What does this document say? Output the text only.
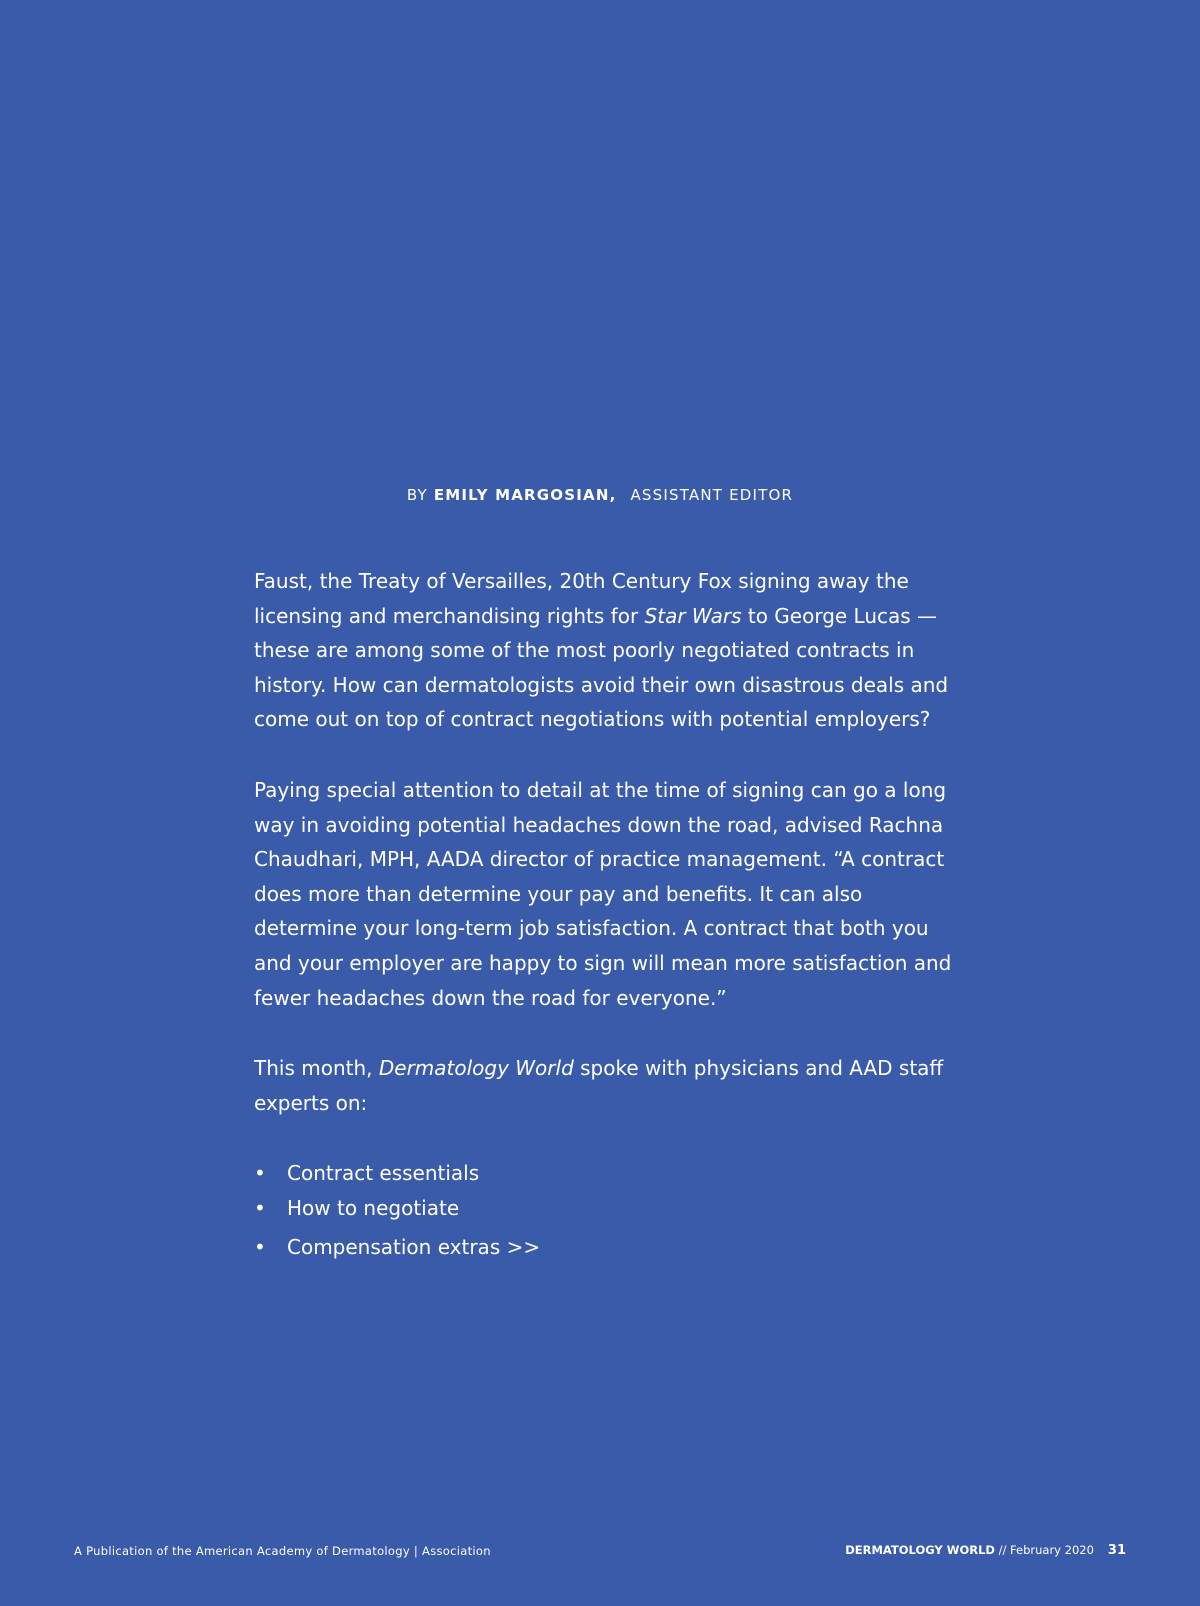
BY EMILY MARGOSIAN, ASSISTANT EDITOR

Faust, the Treaty of Versailles, 20th Century Fox signing away the licensing and merchandising rights for Star Wars to George Lucas — these are among some of the most poorly negotiated contracts in history. How can dermatologists avoid their own disastrous deals and come out on top of contract negotiations with potential employers?

Paying special attention to detail at the time of signing can go a long way in avoiding potential headaches down the road, advised Rachna Chaudhari, MPH, AADA director of practice management. “A contract does more than determine your pay and benefits. It can also determine your long-term job satisfaction. A contract that both you and your employer are happy to sign will mean more satisfaction and fewer headaches down the road for everyone.”

This month, Dermatology World spoke with physicians and AAD staff experts on:

• Contract essentials
• How to negotiate
• Compensation extras >>
A Publication of the American Academy of Dermatology | Association	DERMATOLOGY WORLD // February 2020 31
